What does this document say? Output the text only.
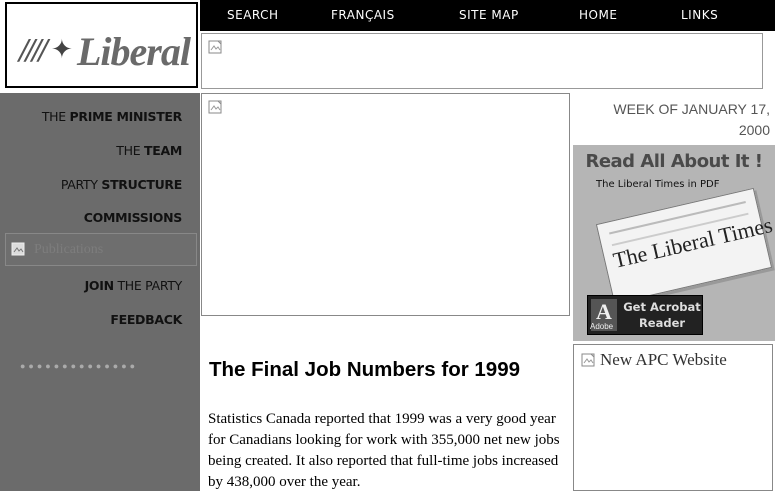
SEARCH	FRANÇAIS	SITE MAP	HOME	LINKS
//// ✦ Liberal
THE PRIME MINISTER
THE TEAM
PARTY STRUCTURE
COMMISSIONS
Publications
JOIN THE PARTY
FEEDBACK
●●●●●●●●●●●●●●	The Final Job Numbers for 1999
Statistics Canada reported that 1999 was a very good year for Canadians looking for work with 355,000 net new jobs being created. It also reported that full-time jobs increased by 438,000 over the year.
WEEK OF JANUARY 17, 2000
Read All About It !
The Liberal Times in PDF
The Liberal Times
A
Adobe
Get Acrobat
Reader
New APC Website
